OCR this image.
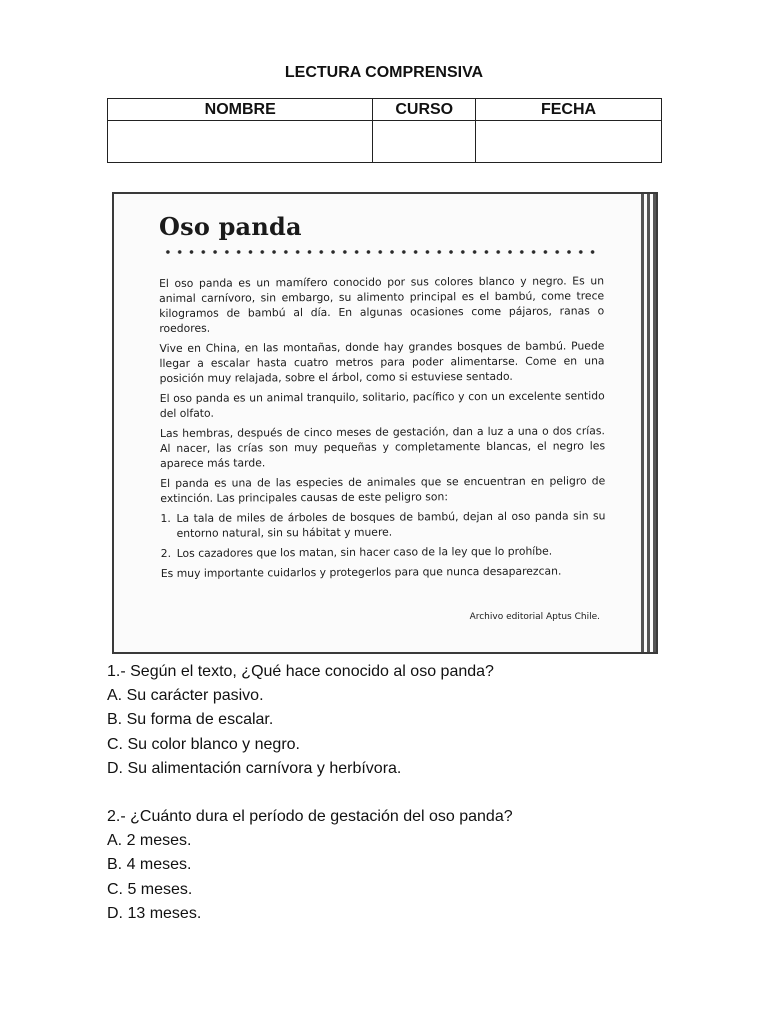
LECTURA COMPRENSIVA
NOMBRE	CURSO	FECHA

Oso panda

El oso panda es un mamífero conocido por sus colores blanco y negro. Es un animal carnívoro, sin embargo, su alimento principal es el bambú, come trece kilogramos de bambú al día. En algunas ocasiones come pájaros, ranas o roedores.

Vive en China, en las montañas, donde hay grandes bosques de bambú. Puede llegar a escalar hasta cuatro metros para poder alimentarse. Come en una posición muy relajada, sobre el árbol, como si estuviese sentado.

El oso panda es un animal tranquilo, solitario, pacífico y con un excelente sentido del olfato.

Las hembras, después de cinco meses de gestación, dan a luz a una o dos crías. Al nacer, las crías son muy pequeñas y completamente blancas, el negro les aparece más tarde.

El panda es una de las especies de animales que se encuentran en peligro de extinción. Las principales causas de este peligro son:

1. La tala de miles de árboles de bosques de bambú, dejan al oso panda sin su entorno natural, sin su hábitat y muere.
2. Los cazadores que los matan, sin hacer caso de la ley que lo prohíbe.

Es muy importante cuidarlos y protegerlos para que nunca desaparezcan.

Archivo editorial Aptus Chile.
1.- Según el texto, ¿Qué hace conocido al oso panda?
A. Su carácter pasivo.
B. Su forma de escalar.
C. Su color blanco y negro.
D. Su alimentación carnívora y herbívora.
2.- ¿Cuánto dura el período de gestación del oso panda?
A. 2 meses.
B. 4 meses.
C. 5 meses.
D. 13 meses.
